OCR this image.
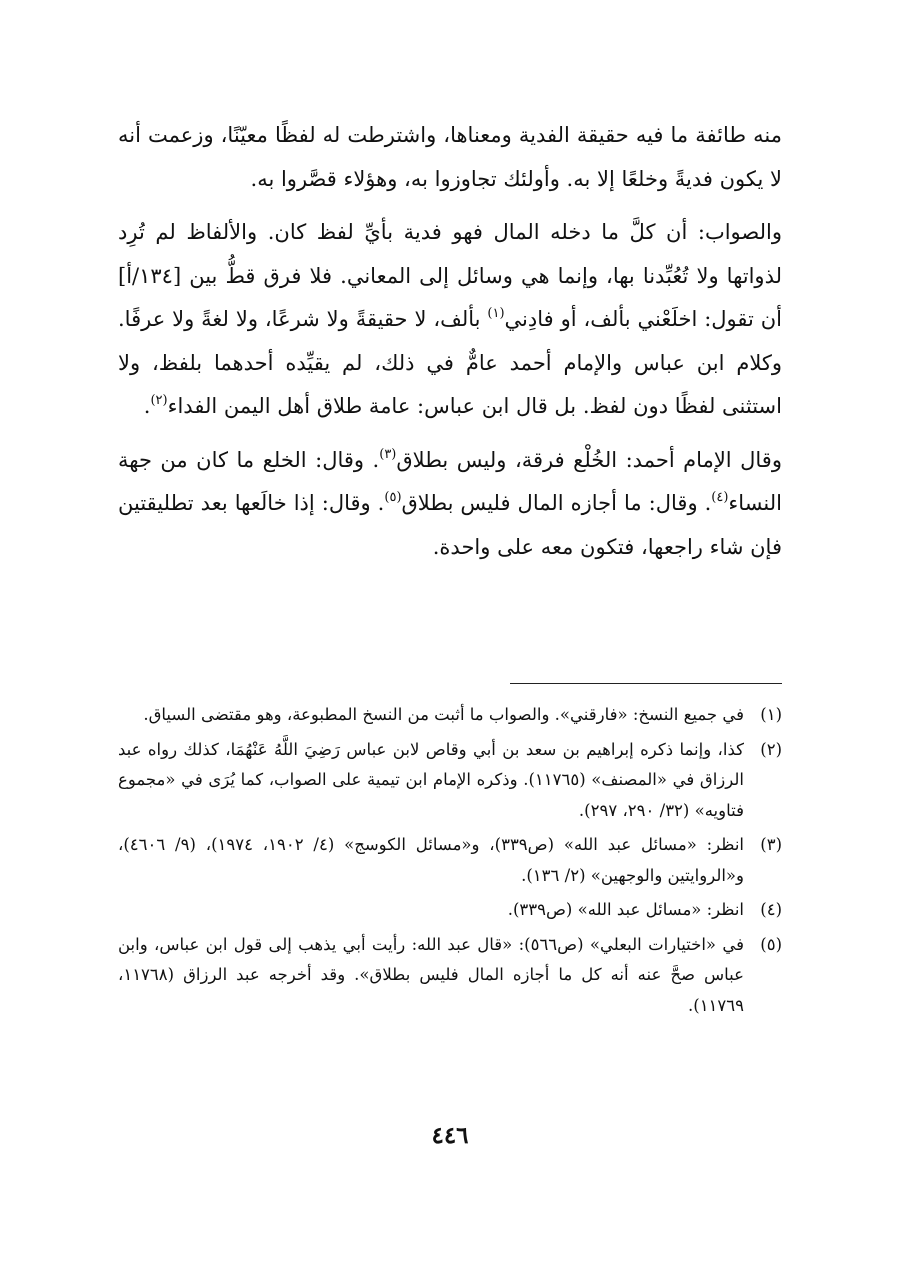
منه طائفة ما فيه حقيقة الفدية ومعناها، واشترطت له لفظًا معيّنًا، وزعمت أنه لا يكون فديةً وخلعًا إلا به. وأولئك تجاوزوا به، وهؤلاء قصَّروا به.

والصواب: أن كلَّ ما دخله المال فهو فدية بأيِّ لفظ كان. والألفاظ لم تُرِد لذواتها ولا تُعُبِّدنا بها، وإنما هي وسائل إلى المعاني. فلا فرق قطُّ بين [١٣٤/أ] أن تقول: اخلَعْني بألف، أو فادِني$^{(١)}$ بألف، لا حقيقةً ولا شرعًا، ولا لغةً ولا عرفًا. وكلام ابن عباس والإمام أحمد عامٌّ في ذلك، لم يقيِّده أحدهما بلفظ، ولا استثنى لفظًا دون لفظ. بل قال ابن عباس: عامة طلاق أهل اليمن الفداء$^{(٢)}$.

وقال الإمام أحمد: الخُلْع فرقة، وليس بطلاق$^{(٣)}$. وقال: الخلع ما كان من جهة النساء$^{(٤)}$. وقال: ما أجازه المال فليس بطلاق$^{(٥)}$. وقال: إذا خالَعها بعد تطليقتين فإن شاء راجعها، فتكون معه على واحدة.

(١)
في جميع النسخ: «فارقني». والصواب ما أثبت من النسخ المطبوعة، وهو مقتضى السياق.
(٢)
كذا، وإنما ذكره إبراهيم بن سعد بن أبي وقاص لابن عباس رَضِيَ اللَّهُ عَنْهُمَا، كذلك رواه عبد الرزاق في «المصنف» (١١٧٦٥). وذكره الإمام ابن تيمية على الصواب، كما يُرَى في «مجموع فتاويه» (٣٢/ ٢٩٠، ٢٩٧).
(٣)
انظر: «مسائل عبد الله» (ص٣٣٩)، و«مسائل الكوسج» (٤/ ١٩٠٢، ١٩٧٤)، (٩/ ٤٦٠٦)، و«الروايتين والوجهين» (٢/ ١٣٦).
(٤)
انظر: «مسائل عبد الله» (ص٣٣٩).
(٥)
في «اختيارات البعلي» (ص٥٦٦): «قال عبد الله: رأيت أبي يذهب إلى قول ابن عباس، وابن عباس صحَّ عنه أنه كل ما أجازه المال فليس بطلاق». وقد أخرجه عبد الرزاق (١١٧٦٨، ١١٧٦٩).
٤٤٦
